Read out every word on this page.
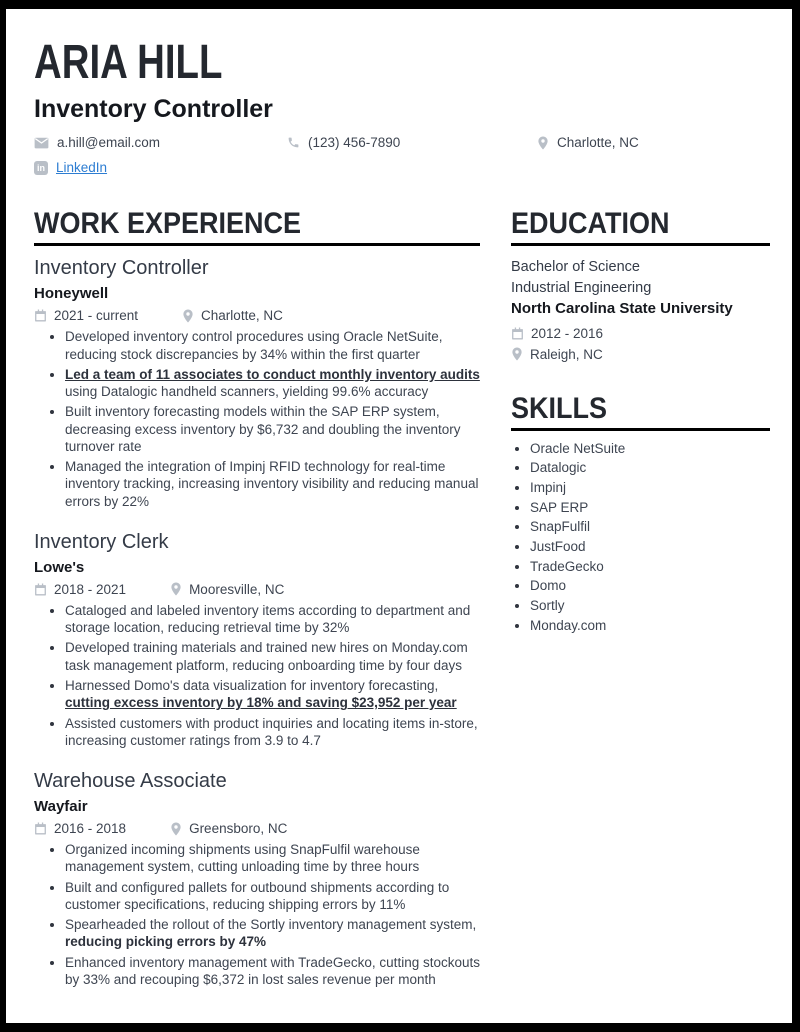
ARIA HILL
Inventory Controller
a.hill@email.com	(123) 456-7890	Charlotte, NC
in LinkedIn
WORK EXPERIENCE
Inventory Controller
Honeywell
2021 - current	Charlotte, NC
• Developed inventory control procedures using Oracle NetSuite, reducing stock discrepancies by 34% within the first quarter
• Led a team of 11 associates to conduct monthly inventory audits using Datalogic handheld scanners, yielding 99.6% accuracy
• Built inventory forecasting models within the SAP ERP system, decreasing excess inventory by $6,732 and doubling the inventory turnover rate
• Managed the integration of Impinj RFID technology for real-time inventory tracking, increasing inventory visibility and reducing manual errors by 22%
Inventory Clerk
Lowe's
2018 - 2021	Mooresville, NC
• Cataloged and labeled inventory items according to department and storage location, reducing retrieval time by 32%
• Developed training materials and trained new hires on Monday.com task management platform, reducing onboarding time by four days
• Harnessed Domo's data visualization for inventory forecasting, cutting excess inventory by 18% and saving $23,952 per year
• Assisted customers with product inquiries and locating items in-store, increasing customer ratings from 3.9 to 4.7
Warehouse Associate
Wayfair
2016 - 2018	Greensboro, NC
• Organized incoming shipments using SnapFulfil warehouse management system, cutting unloading time by three hours
• Built and configured pallets for outbound shipments according to customer specifications, reducing shipping errors by 11%
• Spearheaded the rollout of the Sortly inventory management system, reducing picking errors by 47%
• Enhanced inventory management with TradeGecko, cutting stockouts by 33% and recouping $6,372 in lost sales revenue per month
EDUCATION
Bachelor of Science
Industrial Engineering
North Carolina State University
2012 - 2016
Raleigh, NC
SKILLS
• Oracle NetSuite
• Datalogic
• Impinj
• SAP ERP
• SnapFulfil
• JustFood
• TradeGecko
• Domo
• Sortly
• Monday.com
